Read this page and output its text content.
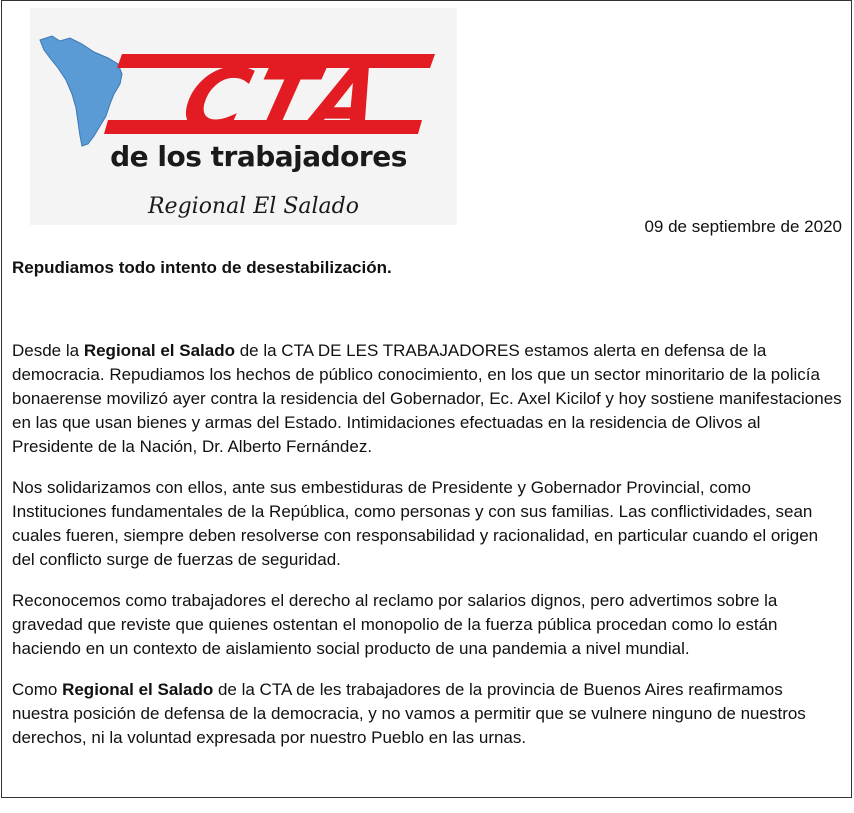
CTA
de los trabajadores
Regional El Salado
09 de septiembre de 2020
Repudiamos todo intento de desestabilización.

Desde la Regional el Salado de la CTA DE LES TRABAJADORES estamos alerta en defensa de la democracia. Repudiamos los hechos de público conocimiento, en los que un sector minoritario de la policía bonaerense movilizó ayer contra la residencia del Gobernador, Ec. Axel Kicilof y hoy sostiene manifestaciones en las que usan bienes y armas del Estado. Intimidaciones efectuadas en la residencia de Olivos al Presidente de la Nación, Dr. Alberto Fernández.

Nos solidarizamos con ellos, ante sus embestiduras de Presidente y Gobernador Provincial, como Instituciones fundamentales de la República, como personas y con sus familias. Las conflictividades, sean cuales fueren, siempre deben resolverse con responsabilidad y racionalidad, en particular cuando el origen del conflicto surge de fuerzas de seguridad.

Reconocemos como trabajadores el derecho al reclamo por salarios dignos, pero advertimos sobre la gravedad que reviste que quienes ostentan el monopolio de la fuerza pública procedan como lo están haciendo en un contexto de aislamiento social producto de una pandemia a nivel mundial.

Como Regional el Salado de la CTA de les trabajadores de la provincia de Buenos Aires reafirmamos nuestra posición de defensa de la democracia, y no vamos a permitir que se vulnere ninguno de nuestros derechos, ni la voluntad expresada por nuestro Pueblo en las urnas.
